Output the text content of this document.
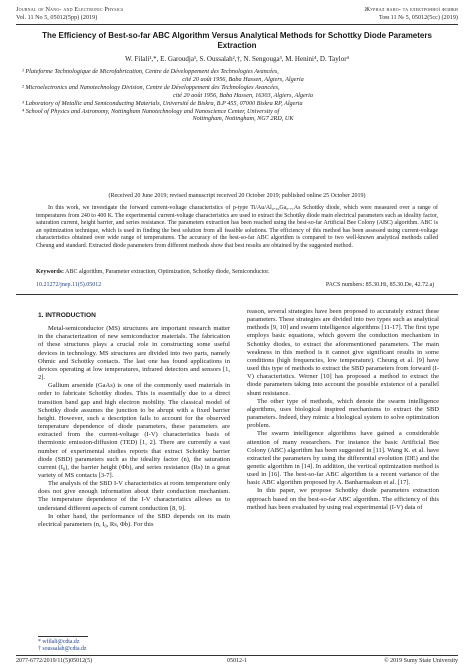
Journal of Nano- and Electronic Physics
Vol. 11 No 5, 05012(5pp) (2019)
Журнал нано- та електронної фізики
Том 11 № 5, 05012(5cc) (2019)
The Efficiency of Best-so-far ABC Algorithm Versus Analytical Methods for Schottky Diode Parameters Extraction
W. Filali¹,*, E. Garoudja¹, S. Oussalah²,†, N. Sengouga³, M. Henini⁴, D. Taylor⁴

¹ Plateforme Technologique de Microfabrication, Centre de Développement des Technologies Avancées,

cité 20 août 1956, Baba Hassen, Algiers, Algeria

² Microelectronics and Nanotechnology Division, Centre de Développement des Technologies Avancées,

cité 20 août 1956, Baba Hassen, 16303, Algiers, Algeria

³ Laboratory of Metallic and Semiconducting Materials, Université de Biskra, B.P 455, 07000 Biskra RP, Algeria

⁴ School of Physics and Astronomy, Nottingham Nanotechnology and Nanoscience Center, University of

Nottingham, Nottingham, NG7 2RD, UK

(Received 20 June 2019; revised manuscript received 20 October 2019; published online 25 October 2019)
In this work, we investigate the forward current-voltage characteristics of p-type Ti/Au/Al₀.₂₉Ga₀.₇₁As Schottky diode, which were measured over a range of temperatures from 240 to 400 K. The experimental current-voltage characteristics are used to extract the Schottky diode main electrical parameters such as ideality factor, saturation current, height barrier, and series resistance. The parameters extraction has been reached using the best-so-far Artificial Bee Colony (ABC) algorithm. ABC is an optimization technique, which is used in finding the best solution from all feasible solutions. The efficiency of this method has been assessed using current-voltage characteristics obtained over wide range of temperatures. The accuracy of the best-so-far ABC algorithm is compared to two well-known analytical methods called Cheung and standard. Extracted diode parameters from different methods show that best results are obtained by the suggested method.
Keywords: ABC algorithm, Parameter extraction, Optimization, Schottky diode, Semiconductor.
10.21272/jnep.11(5).05012	PACS numbers: 85.30.Hi, 85.30.De, 42.72.aj

1. INTRODUCTION

Metal-semiconductor (MS) structures are important research matter in the characterization of new semiconductor materials. The fabrication of these structures plays a crucial role in constructing some useful devices in technology. MS structures are divided into two parts, namely Ohmic and Schottky contacts. The last one has found applications in devices operating at low temperatures, infrared detectors and sensors [1, 2].

Gallium arsenide (GaAs) is one of the commonly used materials in order to fabricate Schottky diodes. This is essentially due to a direct transition band gap and high electron mobility. The classical model of Schottky diode assumes the junction to be abrupt with a fixed barrier height. However, such a description fails to account for the observed temperature dependence of diode parameters, these parameters are extracted from the current-voltage (I-V) characteristics basis of thermionic emission-diffusion (TED) [1, 2]. There are currently a vast number of experimental studies reports that extract Schottky barrier diode (SBD) parameters such as the ideality factor (n), the saturation current (I₀), the barrier height (Φb), and series resistance (Rs) in a great variety of MS contacts [3-7].

The analysis of the SBD I-V characteristics at room temperature only does not give enough information about their conduction mechanism. The temperature dependence of the I-V characteristics allows us to understand different aspects of current conduction [8, 9].

In other hand, the performance of the SBD depends on its main electrical parameters (n, I₀, Rs, Φb). For this

reason, several strategies have been proposed to accurately extract these parameters. These strategies are divided into two types such as analytical methods [9, 10] and swarm intelligence algorithms [11-17]. The first type employs basic equations, which govern the conduction mechanism in Schottky diodes, to extract the aforementioned parameters. The main weakness in this method is it cannot give significant results in some conditions (high frequencies, low temperature). Cheung et al. [9] have used this type of methods to extract the SBD parameters from forward (I-V) characteristics. Werner [10] has proposed a method to extract the diode parameters taking into account the possible existence of a parallel shunt resistance.

The other type of methods, which denote the swarm intelligence algorithms, uses biological inspired mechanisms to extract the SBD parameters. Indeed, they mimic a biological system to solve optimization problem.

The swarm intelligence algorithms have gained a considerable attention of many researchers. For instance the basic Artificial Bee Colony (ABC) algorithm has been suggested in [11]. Wang K. et al. have extracted the parameters by using the differential evolution (DE) and the genetic algorithm in [14]. In addition, the vertical optimization method is used in [16]. The best-so-far ABC algorithm is a recent variance of the basic ABC algorithm proposed by A. Banharnsakun et al. [17].

In this paper, we propose Schottky diode parameters extraction approach based on the best-so-far ABC algorithm. The efficiency of this method has been evaluated by using real experimental (I-V) data of

* wfilali@cdta.dz
† soussalah@cdta.dz
2077-6772/2019/11(5)05012(5)	05012-1	© 2019 Sumy State University
